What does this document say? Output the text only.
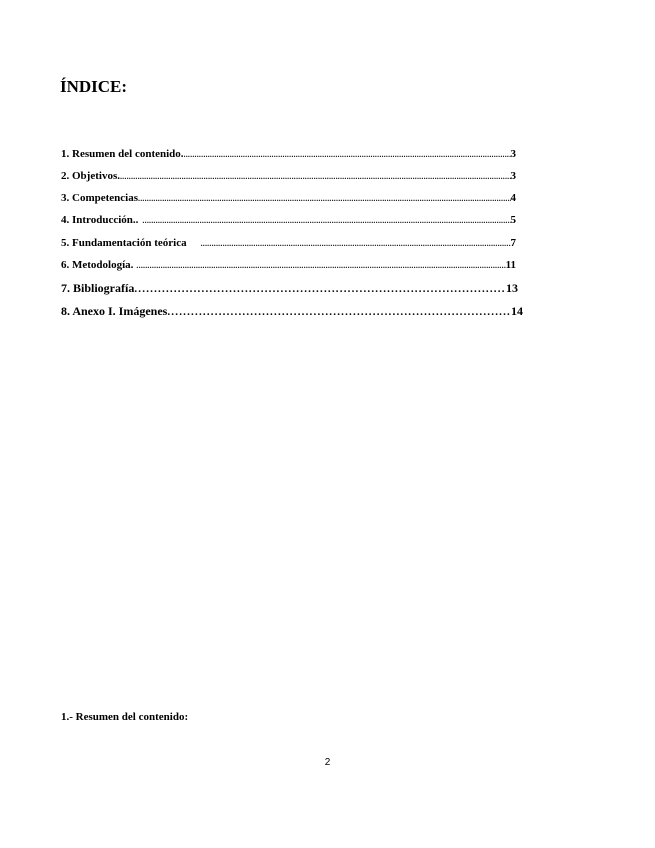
ÍNDICE:
1. Resumen del contenido. .....	3
2. Objetivos. .....	3
3. Competencias .....	4
4. Introducción.. .....	5
5. Fundamentación teórica .....	7
6. Metodología. .....	11
7. Bibliografía .....	13
8. Anexo I. Imágenes .....	14
1.- Resumen del contenido:
2
